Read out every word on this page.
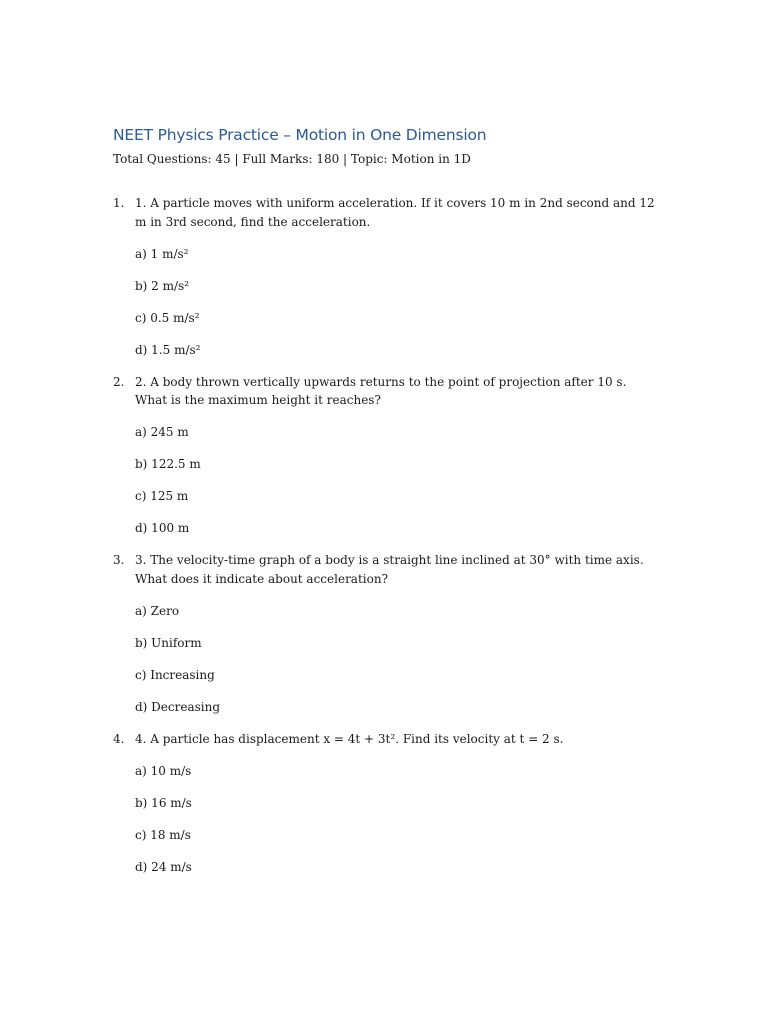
NEET Physics Practice – Motion in One Dimension
Total Questions: 45 | Full Marks: 180 | Topic: Motion in 1D
1. 1. A particle moves with uniform acceleration. If it covers 10 m in 2nd second and 12 m in 3rd second, find the acceleration.

a) 1 m/s²
b) 2 m/s²
c) 0.5 m/s²
d) 1.5 m/s²
2. 2. A body thrown vertically upwards returns to the point of projection after 10 s. What is the maximum height it reaches?

a) 245 m
b) 122.5 m
c) 125 m
d) 100 m
3. 3. The velocity-time graph of a body is a straight line inclined at 30° with time axis. What does it indicate about acceleration?

a) Zero
b) Uniform
c) Increasing
d) Decreasing
4. 4. A particle has displacement x = 4t + 3t². Find its velocity at t = 2 s.

a) 10 m/s
b) 16 m/s
c) 18 m/s
d) 24 m/s
